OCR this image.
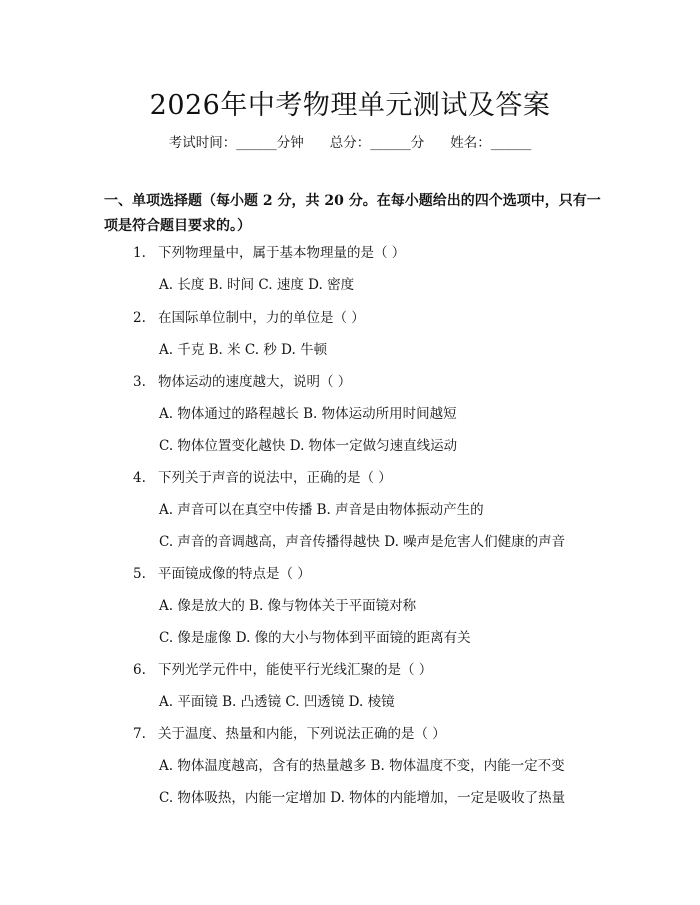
2026年中考物理单元测试及答案
考试时间：______分钟 总分：______分 姓名：______
一、单项选择题（每小题 2 分，共 20 分。在每小题给出的四个选项中，只有一项是符合题目要求的。）
1. 下列物理量中，属于基本物理量的是（ ）
A. 长度 B. 时间 C. 速度 D. 密度
2. 在国际单位制中，力的单位是（ ）
A. 千克 B. 米 C. 秒 D. 牛顿
3. 物体运动的速度越大，说明（ ）
A. 物体通过的路程越长 B. 物体运动所用时间越短
C. 物体位置变化越快 D. 物体一定做匀速直线运动
4. 下列关于声音的说法中，正确的是（ ）
A. 声音可以在真空中传播 B. 声音是由物体振动产生的
C. 声音的音调越高，声音传播得越快 D. 噪声是危害人们健康的声音
5. 平面镜成像的特点是（ ）
A. 像是放大的 B. 像与物体关于平面镜对称
C. 像是虚像 D. 像的大小与物体到平面镜的距离有关
6. 下列光学元件中，能使平行光线汇聚的是（ ）
A. 平面镜 B. 凸透镜 C. 凹透镜 D. 棱镜
7. 关于温度、热量和内能，下列说法正确的是（ ）
A. 物体温度越高，含有的热量越多 B. 物体温度不变，内能一定不变
C. 物体吸热，内能一定增加 D. 物体的内能增加，一定是吸收了热量
